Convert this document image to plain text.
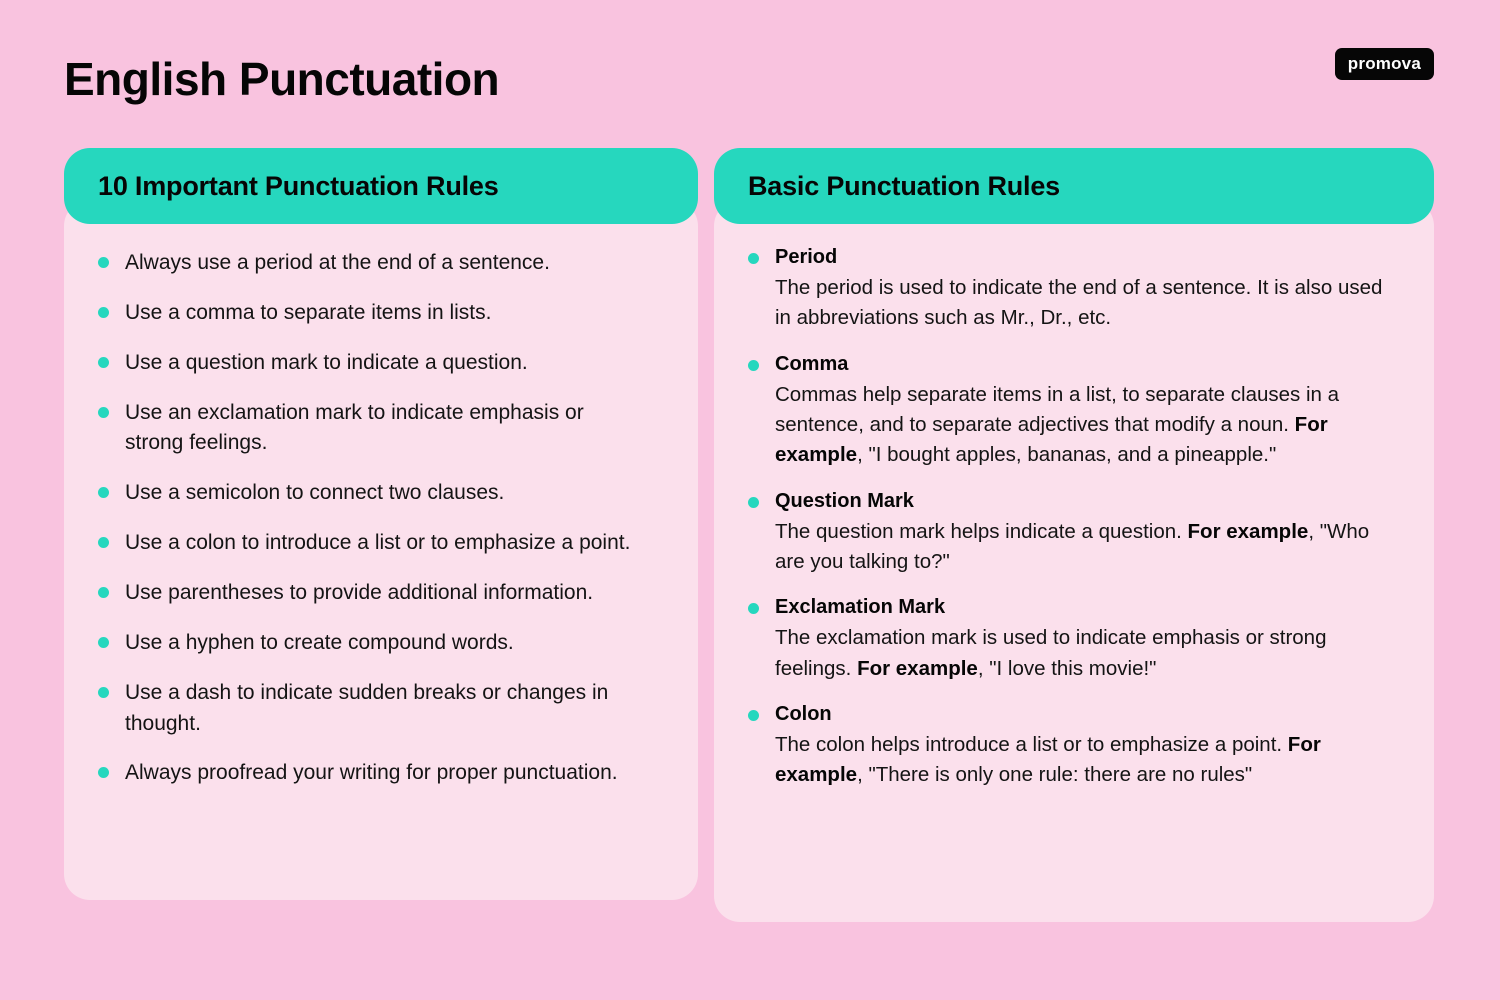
English Punctuation	promova
10 Important Punctuation Rules
Always use a period at the end of a sentence.
Use a comma to separate items in lists.
Use a question mark to indicate a question.
Use an exclamation mark to indicate emphasis or strong feelings.
Use a semicolon to connect two clauses.
Use a colon to introduce a list or to emphasize a point.
Use parentheses to provide additional information.
Use a hyphen to create compound words.
Use a dash to indicate sudden breaks or changes in thought.
Always proofread your writing for proper punctuation.
Basic Punctuation Rules
Period
The period is used to indicate the end of a sentence. It is also used in abbreviations such as Mr., Dr., etc.
Comma
Commas help separate items in a list, to separate clauses in a sentence, and to separate adjectives that modify a noun. For example, "I bought apples, bananas, and a pineapple."
Question Mark
The question mark helps indicate a question. For example, "Who are you talking to?"
Exclamation Mark
The exclamation mark is used to indicate emphasis or strong feelings. For example, "I love this movie!"
Colon
The colon helps introduce a list or to emphasize a point. For example, "There is only one rule: there are no rules"
